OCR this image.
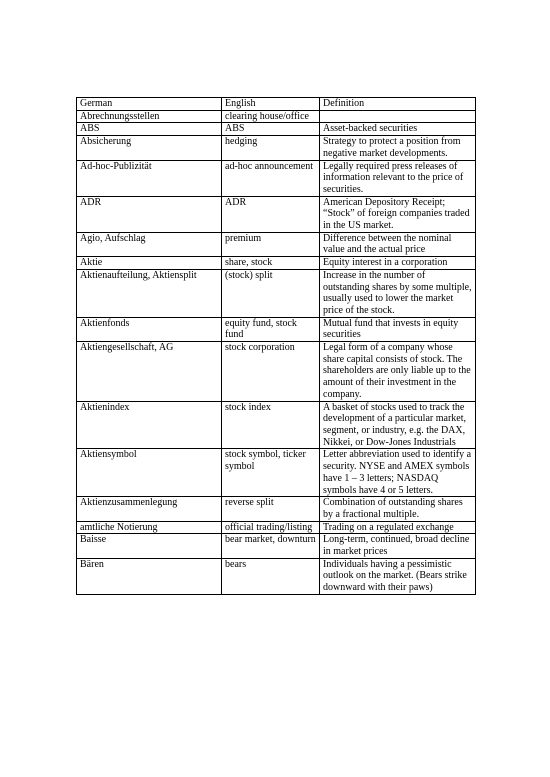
German	English	Definition
Abrechnungsstellen	clearing house/office	
ABS	ABS	Asset-backed securities
Absicherung	hedging	Strategy to protect a position from negative market developments.
Ad-hoc-Publizität	ad-hoc announcement	Legally required press releases of information relevant to the price of securities.
ADR	ADR	American Depository Receipt; “Stock” of foreign companies traded in the US market.
Agio, Aufschlag	premium	Difference between the nominal value and the actual price
Aktie	share, stock	Equity interest in a corporation
Aktienaufteilung, Aktiensplit	(stock) split	Increase in the number of outstanding shares by some multiple, usually used to lower the market price of the stock.
Aktienfonds	equity fund, stock fund	Mutual fund that invests in equity securities
Aktiengesellschaft, AG	stock corporation	Legal form of a company whose share capital consists of stock. The shareholders are only liable up to the amount of their investment in the company.
Aktienindex	stock index	A basket of stocks used to track the development of a particular market, segment, or industry, e.g. the DAX, Nikkei, or Dow-Jones Industrials
Aktiensymbol	stock symbol, ticker symbol	Letter abbreviation used to identify a security. NYSE and AMEX symbols have 1 – 3 letters; NASDAQ symbols have 4 or 5 letters.
Aktienzusammenlegung	reverse split	Combination of outstanding shares by a fractional multiple.
amtliche Notierung	official trading/listing	Trading on a regulated exchange
Baisse	bear market, downturn	Long-term, continued, broad decline in market prices
Bären	bears	Individuals having a pessimistic outlook on the market. (Bears strike downward with their paws)
